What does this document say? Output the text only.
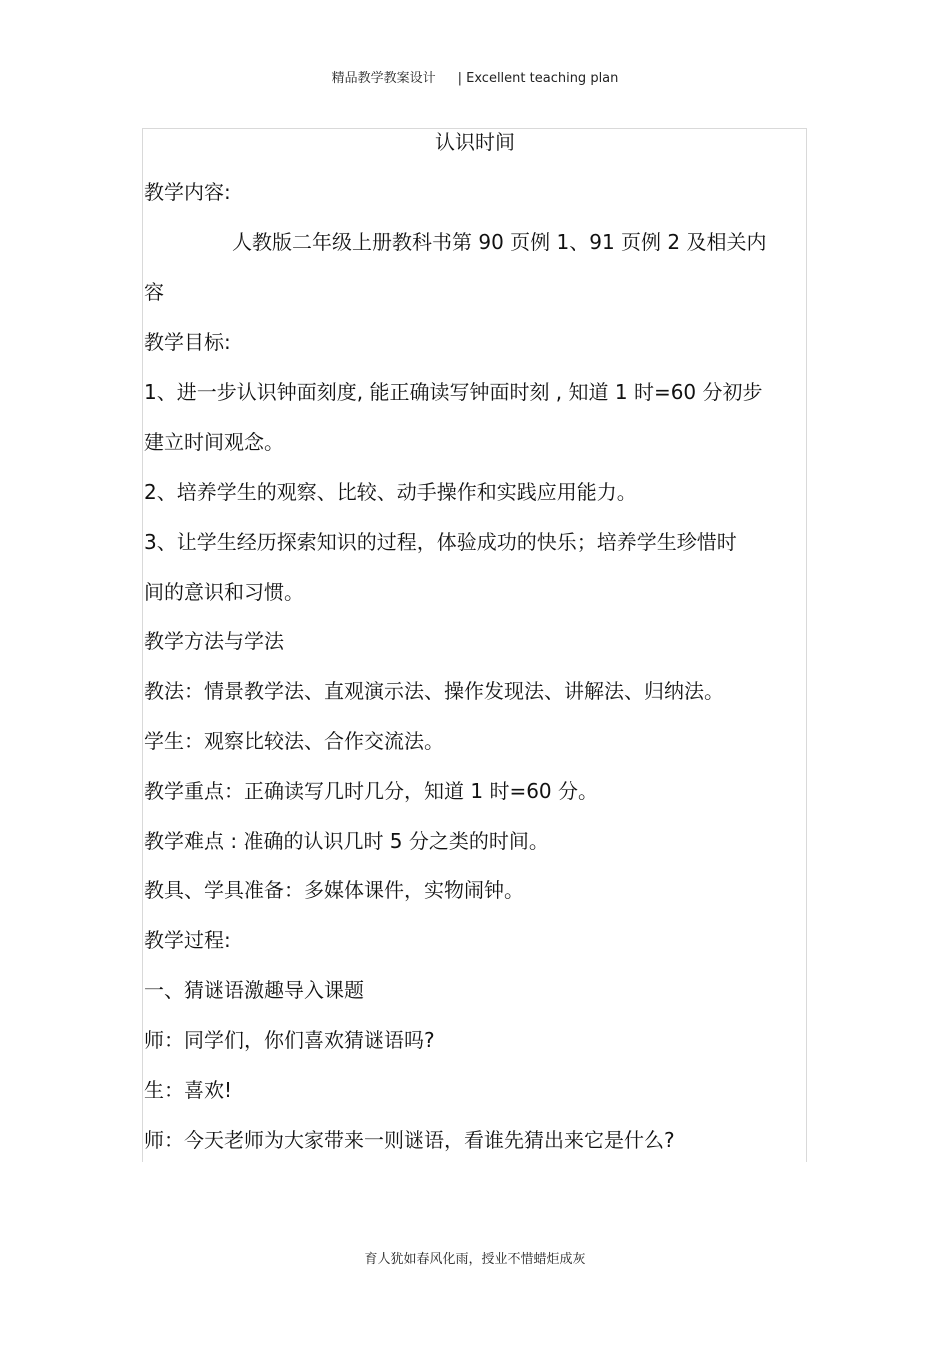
精品教学教案设计 | Excellent teaching plan
认识时间
教学内容:
人教版二年级上册教科书第 90 页例 1、91 页例 2 及相关内
容
教学目标:
1、进一步认识钟面刻度, 能正确读写钟面时刻 , 知道 1 时=60 分初步
建立时间观念。
2、培养学生的观察、比较、动手操作和实践应用能力。
3、让学生经历探索知识的过程，体验成功的快乐；培养学生珍惜时
间的意识和习惯。
教学方法与学法
教法：情景教学法、直观演示法、操作发现法、讲解法、归纳法。
学生：观察比较法、合作交流法。
教学重点：正确读写几时几分，知道 1 时=60 分。
教学难点 : 准确的认识几时 5 分之类的时间。
教具、学具准备：多媒体课件，实物闹钟。
教学过程:
一、猜谜语激趣导入课题
师：同学们，你们喜欢猜谜语吗?
生：喜欢!
师：今天老师为大家带来一则谜语，看谁先猜出来它是什么?
育人犹如春风化雨，授业不惜蜡炬成灰
